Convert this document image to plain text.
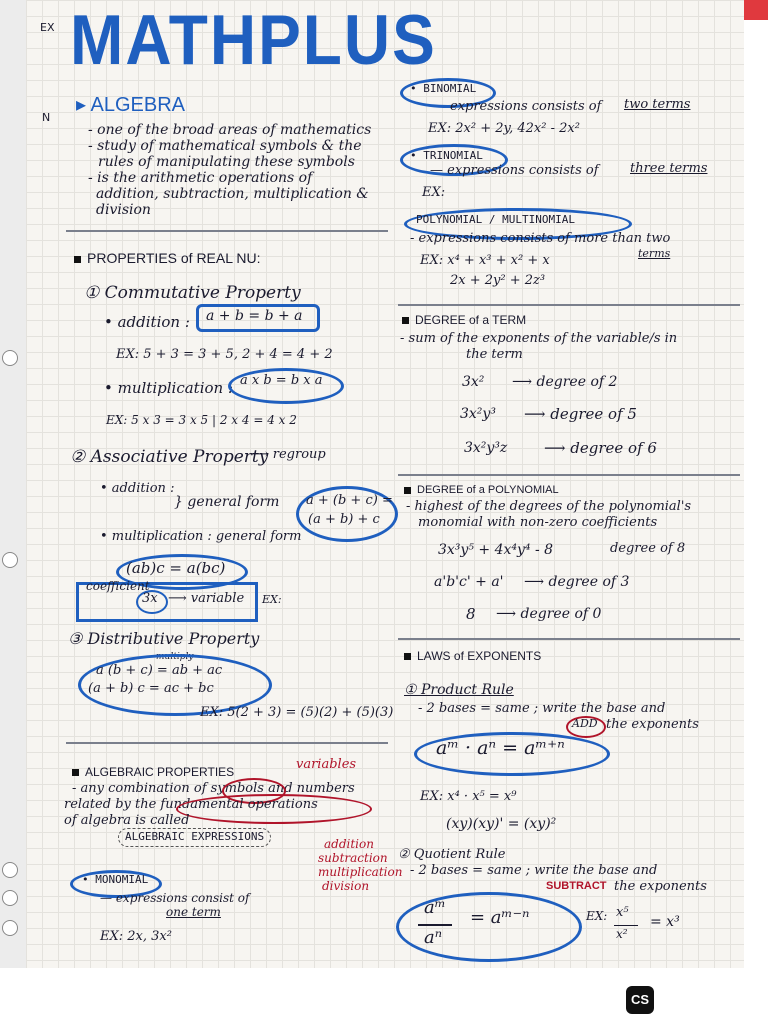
EX
N
MATHPLUS
▸ ALGEBRA
- one of the broad areas of mathematics
- study of mathematical symbols & the
rules of manipulating these symbols
- is the arithmetic operations of
addition, subtraction, multiplication &
division
PROPERTIES of REAL NU:
① Commutative Property
• addition : a + b = b + a
EX: 5 + 3 = 3 + 5, 2 + 4 = 4 + 2
• multiplication : a x b = b x a
EX: 5 x 3 = 3 x 5 | 2 x 4 = 4 x 2
② Associative Property
⟶ regroup
• addition :
} general form a + (b + c) =
(a + b) + c
• multiplication : general form
(ab)c = a(bc)
coefficient
3x ⟶ variable EX:
③ Distributive Property
multiply
a (b + c) = ab + ac
(a + b) c = ac + bc
EX: 5(2 + 3) = (5)(2) + (5)(3)
ALGEBRAIC PROPERTIES	variables
- any combination of symbols and numbers
related by the fundamental operations
of algebra is called
ALGEBRAIC EXPRESSIONS
addition
subtraction
multiplication
division
• MONOMIAL
— expressions consist of
one term
EX: 2x, 3x²
• BINOMIAL
expressions consists of two terms
EX: 2x² + 2y, 42x² - 2x²
• TRINOMIAL
— expressions consists of three terms
EX:
POLYNOMIAL / MULTINOMIAL
- expressions consists of more than two
terms
EX: x⁴ + x³ + x² + x
2x + 2y² + 2z³
DEGREE of a TERM
- sum of the exponents of the variable/s in
the term
3x² ⟶ degree of 2
3x²y³ ⟶ degree of 5
3x²y³z ⟶ degree of 6
DEGREE of a POLYNOMIAL
- highest of the degrees of the polynomial's
monomial with non-zero coefficients
3x³y⁵ + 4x⁴y⁴ - 8	degree of 8
a'b'c' + a' ⟶ degree of 3
8 ⟶ degree of 0
LAWS of EXPONENTS
① Product Rule
- 2 bases = same ; write the base and
ADD the exponents
aᵐ · aⁿ = aᵐ⁺ⁿ
EX: x⁴ · x⁵ = x⁹
(xy)(xy)' = (xy)²
② Quotient Rule
- 2 bases = same ; write the base and
SUBTRACT the exponents
aᵐ
aⁿ
= aᵐ⁻ⁿ	EX: x⁵
x²
= x³
CS
